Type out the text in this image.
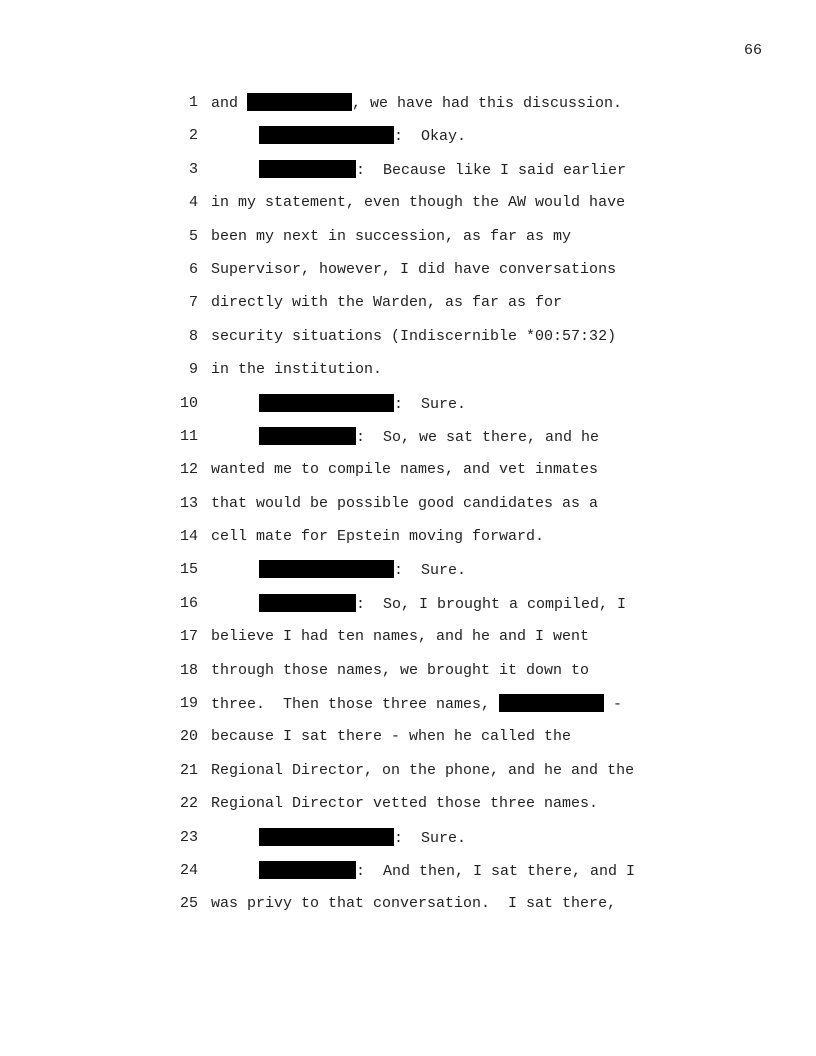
66
1 and	, we have had this discussion.
2	:  Okay.
3	:  Because like I said earlier
4 in my statement, even though the AW would have
5 been my next in succession, as far as my
6 Supervisor, however, I did have conversations
7 directly with the Warden, as far as for
8 security situations (Indiscernible *00:57:32)
9 in the institution.
10	:  Sure.
11	:  So, we sat there, and he
12 wanted me to compile names, and vet inmates
13 that would be possible good candidates as a
14 cell mate for Epstein moving forward.
15	:  Sure.
16	:  So, I brought a compiled, I
17 believe I had ten names, and he and I went
18 through those names, we brought it down to
19 three.  Then those three names,	-
20 because I sat there - when he called the
21 Regional Director, on the phone, and he and the
22 Regional Director vetted those three names.
23	:  Sure.
24	:  And then, I sat there, and I
25 was privy to that conversation.  I sat there,
